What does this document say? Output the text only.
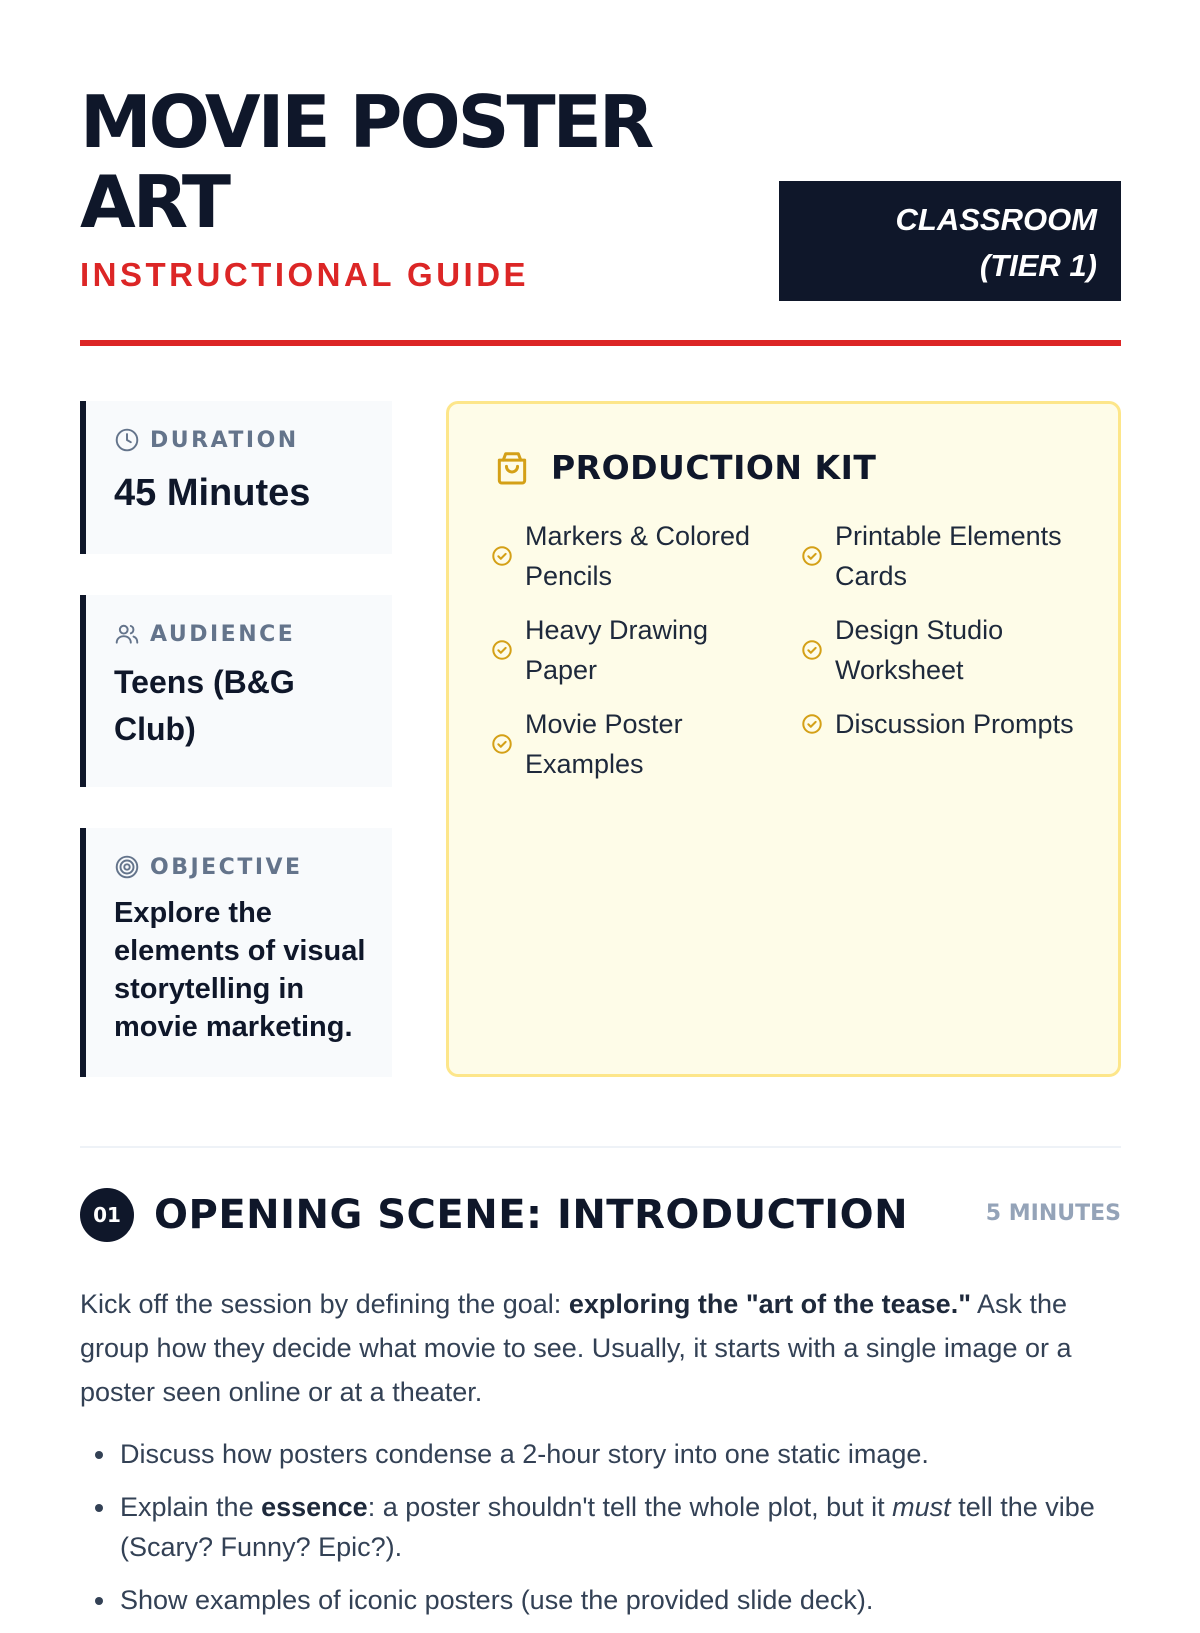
MOVIE POSTER ART
INSTRUCTIONAL GUIDE
CLASSROOM (TIER 1)
DURATION
45 Minutes
AUDIENCE
Teens (B&G Club)
OBJECTIVE
Explore the elements of visual storytelling in movie marketing.
PRODUCTION KIT
Markers & Colored Pencils
Printable Elements Cards
Heavy Drawing Paper
Design Studio Worksheet
Movie Poster Examples
Discussion Prompts
01 OPENING SCENE: INTRODUCTION	5 MINUTES

Kick off the session by defining the goal: exploring the "art of the tease." Ask the group how they decide what movie to see. Usually, it starts with a single image or a poster seen online or at a theater.

Discuss how posters condense a 2-hour story into one static image.
Explain the essence: a poster shouldn't tell the whole plot, but it must tell the vibe (Scary? Funny? Epic?).
Show examples of iconic posters (use the provided slide deck).
